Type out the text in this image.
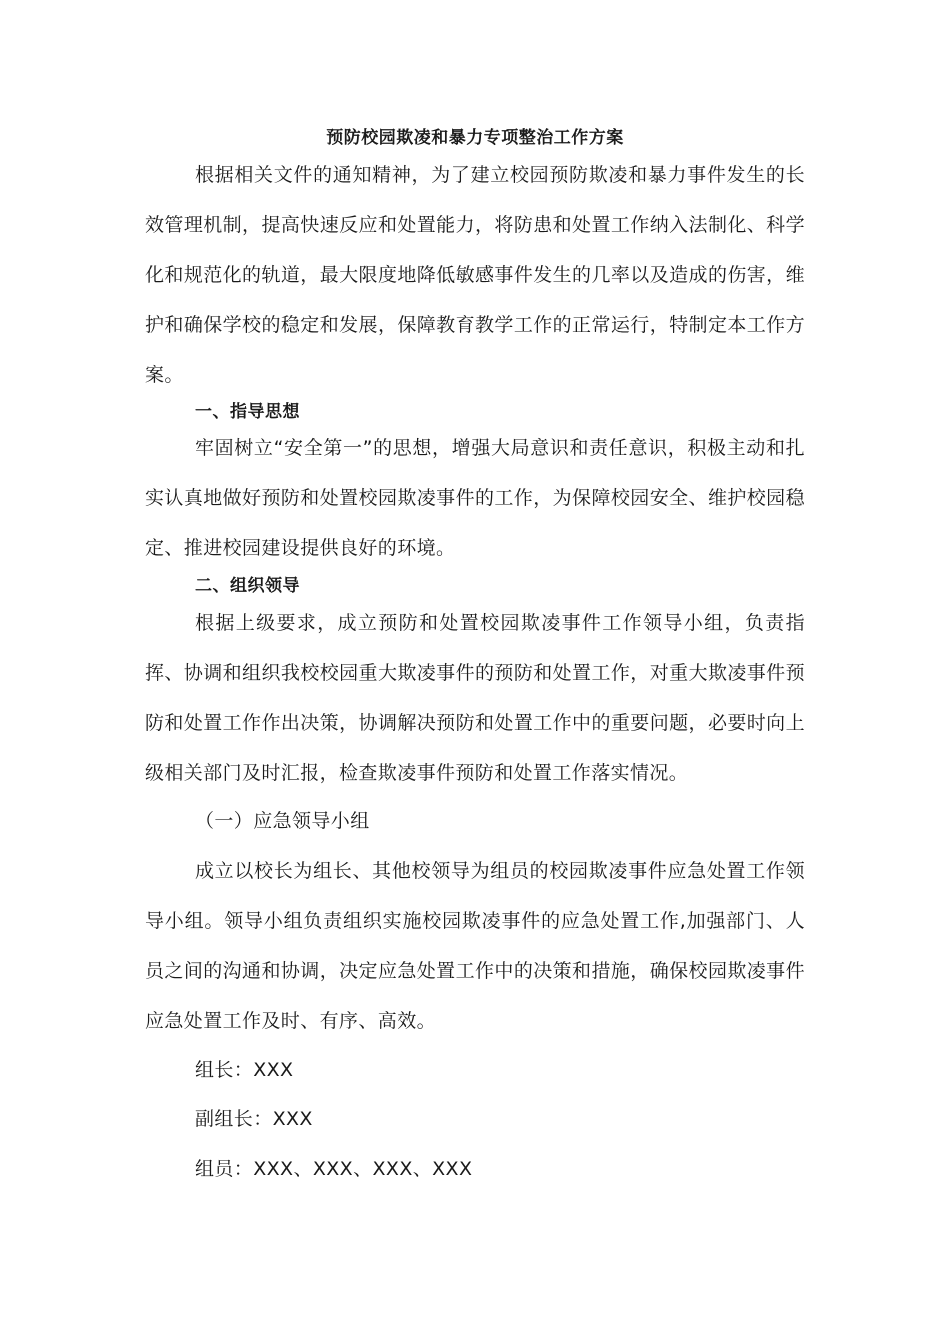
预防校园欺凌和暴力专项整治工作方案

根据相关文件的通知精神，为了建立校园预防欺凌和暴力事件发生的长效管理机制，提高快速反应和处置能力，将防患和处置工作纳入法制化、科学化和规范化的轨道，最大限度地降低敏感事件发生的几率以及造成的伤害，维护和确保学校的稳定和发展，保障教育教学工作的正常运行，特制定本工作方案。

一、指导思想

牢固树立“安全第一”的思想，增强大局意识和责任意识，积极主动和扎实认真地做好预防和处置校园欺凌事件的工作，为保障校园安全、维护校园稳定、推进校园建设提供良好的环境。

二、组织领导

根据上级要求，成立预防和处置校园欺凌事件工作领导小组，负责指挥、协调和组织我校校园重大欺凌事件的预防和处置工作，对重大欺凌事件预防和处置工作作出决策，协调解决预防和处置工作中的重要问题，必要时向上级相关部门及时汇报，检查欺凌事件预防和处置工作落实情况。

（一）应急领导小组

成立以校长为组长、其他校领导为组员的校园欺凌事件应急处置工作领导小组。领导小组负责组织实施校园欺凌事件的应急处置工作,加强部门、人员之间的沟通和协调，决定应急处置工作中的决策和措施，确保校园欺凌事件应急处置工作及时、有序、高效。

组长：XXX
副组长：XXX
组员：XXX、XXX、XXX、XXX
